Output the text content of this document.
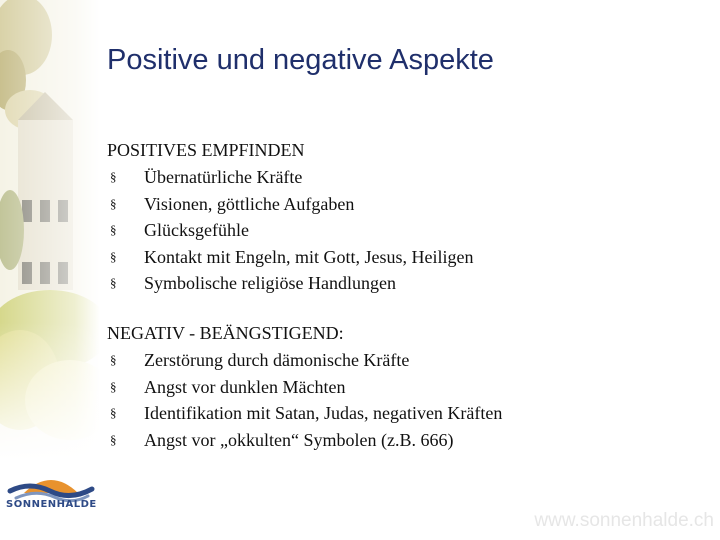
Positive und negative Aspekte
POSITIVES EMPFINDEN
§ Übernatürliche Kräfte
§ Visionen, göttliche Aufgaben
§ Glücksgefühle
§ Kontakt mit Engeln, mit Gott, Jesus, Heiligen
§ Symbolische religiöse Handlungen
NEGATIV - BEÄNGSTIGEND:
§ Zerstörung durch dämonische Kräfte
§ Angst vor dunklen Mächten
§ Identifikation mit Satan, Judas, negativen Kräften
§ Angst vor „okkulten“ Symbolen (z.B. 666)
SONNENHALDE
www.sonnenhalde.ch
